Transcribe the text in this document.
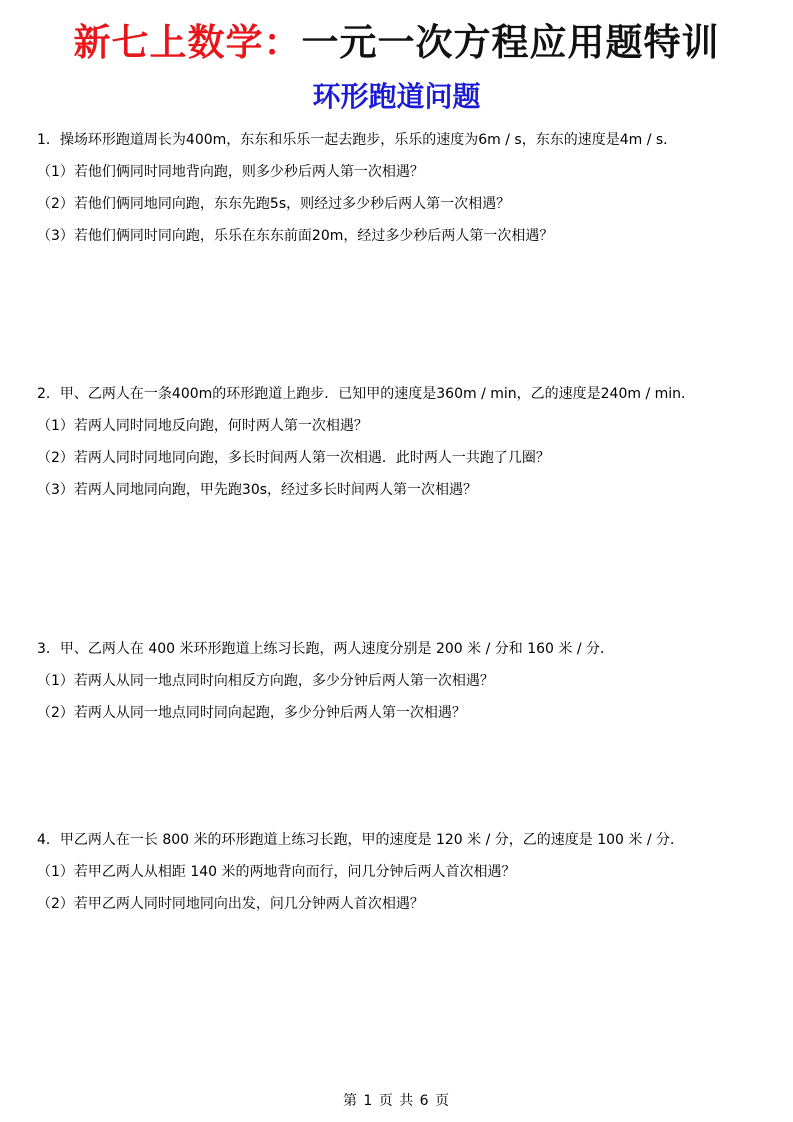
新七上数学：一元一次方程应用题特训
环形跑道问题
1．操场环形跑道周长为400m，东东和乐乐一起去跑步，乐乐的速度为6m / s，东东的速度是4m / s．
（1）若他们俩同时同地背向跑，则多少秒后两人第一次相遇？
（2）若他们俩同地同向跑，东东先跑5s，则经过多少秒后两人第一次相遇？
（3）若他们俩同时同向跑，乐乐在东东前面20m，经过多少秒后两人第一次相遇？
2．甲、乙两人在一条400m的环形跑道上跑步．已知甲的速度是360m / min，乙的速度是240m / min．
（1）若两人同时同地反向跑，何时两人第一次相遇？
（2）若两人同时同地同向跑，多长时间两人第一次相遇．此时两人一共跑了几圈？
（3）若两人同地同向跑，甲先跑30s，经过多长时间两人第一次相遇？
3．甲、乙两人在 400 米环形跑道上练习长跑，两人速度分别是 200 米 / 分和 160 米 / 分．
（1）若两人从同一地点同时向相反方向跑，多少分钟后两人第一次相遇？
（2）若两人从同一地点同时同向起跑，多少分钟后两人第一次相遇？
4．甲乙两人在一长 800 米的环形跑道上练习长跑，甲的速度是 120 米 / 分，乙的速度是 100 米 / 分．
（1）若甲乙两人从相距 140 米的两地背向而行，问几分钟后两人首次相遇？
（2）若甲乙两人同时同地同向出发，问几分钟两人首次相遇？
第 1 页 共 6 页
